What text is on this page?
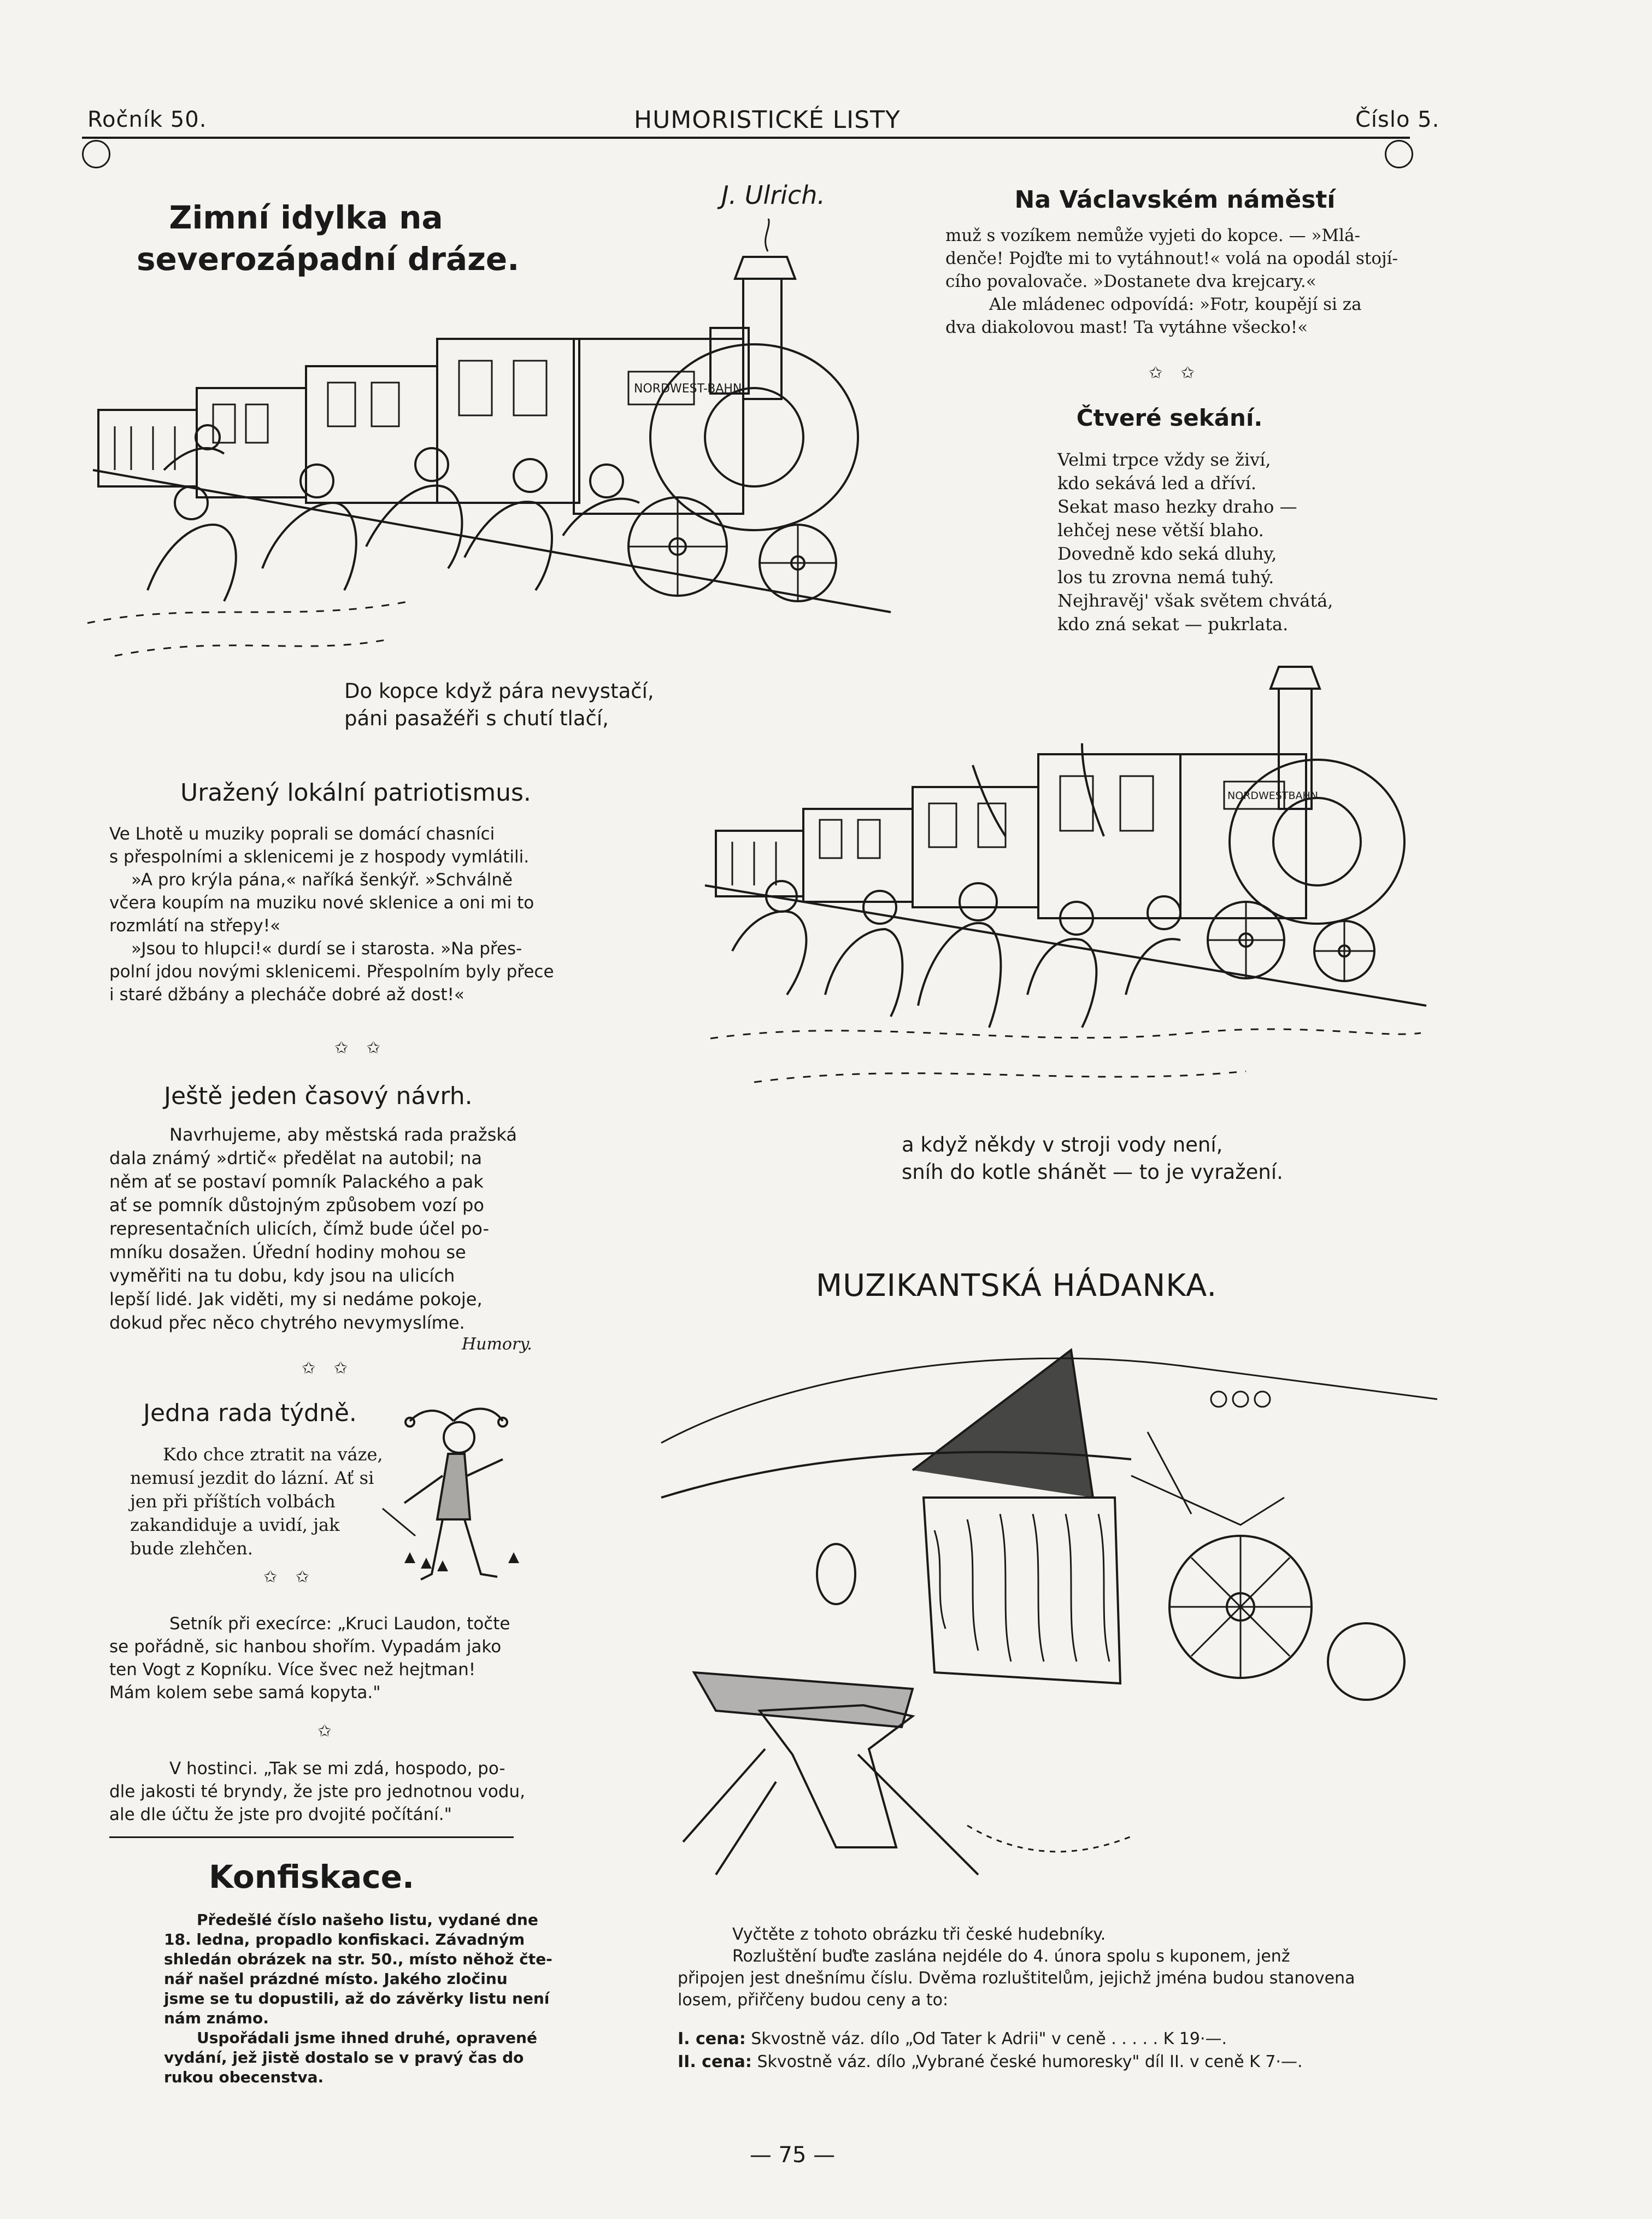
Ročník 50.	HUMORISTICKÉ LISTY	Číslo 5.
Zimní idylka na
severozápadní dráze.
J. Ulrich.
NORDWEST-BAHN
Do kopce když pára nevystačí,
páni pasažéři s chutí tlačí,
Na Václavském náměstí
muž s vozíkem nemůže vyjeti do kopce. — »Mlá-
denče! Pojďte mi to vytáhnout!« volá na opodál stojí-
cího povalovače. »Dostanete dva krejcary.«
Ale mládenec odpovídá: »Fotr, koupějí si za
dva diakolovou mast! Ta vytáhne všecko!«
✩ ✩
Čtveré sekání.
Velmi trpce vždy se živí,
kdo sekává led a dříví.
Sekat maso hezky draho —
lehčej nese větší blaho.
Dovedně kdo seká dluhy,
los tu zrovna nemá tuhý.
Nejhravěj' však světem chvátá,
kdo zná sekat — pukrlata.
Uražený lokální patriotismus.
Ve Lhotě u muziky poprali se domácí chasníci
s přespolními a sklenicemi je z hospody vymlátili.
»A pro krýla pána,« naříká šenkýř. »Schválně
včera koupím na muziku nové sklenice a oni mi to
rozmlátí na střepy!«
»Jsou to hlupci!« durdí se i starosta. »Na přes-
polní jdou novými sklenicemi. Přespolním byly přece
i staré džbány a plecháče dobré až dost!«
✩ ✩
NORDWESTBAHN
a když někdy v stroji vody není,
sníh do kotle shánět — to je vyražení.
Ještě jeden časový návrh.
Navrhujeme, aby městská rada pražská
dala známý »drtič« předělat na autobil; na
něm ať se postaví pomník Palackého a pak
ať se pomník důstojným způsobem vozí po
representačních ulicích, čímž bude účel po-
mníku dosažen. Úřední hodiny mohou se
vyměřiti na tu dobu, kdy jsou na ulicích
lepší lidé. Jak viděti, my si nedáme pokoje,
dokud přec něco chytrého nevymyslíme.
Humory.
✩ ✩
MUZIKANTSKÁ HÁDANKA.
Jedna rada týdně.
Kdo chce ztratit na váze,
nemusí jezdit do lázní. Ať si
jen při příštích volbách
zakandiduje a uvidí, jak
bude zlehčen.
✩ ✩
Setník při execírce: „Kruci Laudon, točte
se pořádně, sic hanbou shořím. Vypadám jako
ten Vogt z Kopníku. Více švec než hejtman!
Mám kolem sebe samá kopyta."
✩
V hostinci. „Tak se mi zdá, hospodo, po-
dle jakosti té bryndy, že jste pro jednotnou vodu,
ale dle účtu že jste pro dvojité počítání."
Konfiskace.
Předešlé číslo našeho listu, vydané dne
18. ledna, propadlo konfiskaci. Závadným
shledán obrázek na str. 50., místo něhož čte-
nář našel prázdné místo. Jakého zločinu
jsme se tu dopustili, až do závěrky listu není
nám známo.
Uspořádali jsme ihned druhé, opravené
vydání, jež jistě dostalo se v pravý čas do
rukou obecenstva.
Vyčtěte z tohoto obrázku tři české hudebníky.
Rozluštění buďte zaslána nejdéle do 4. února spolu s kuponem, jenž
připojen jest dnešnímu číslu. Dvěma rozluštitelům, jejichž jména budou stanovena
losem, přiřčeny budou ceny a to:
I. cena: Skvostně váz. dílo „Od Tater k Adrii" v ceně . . . . . K 19·—.
II. cena: Skvostně váz. dílo „Vybrané české humoresky" díl II. v ceně K 7·—.
— 75 —
